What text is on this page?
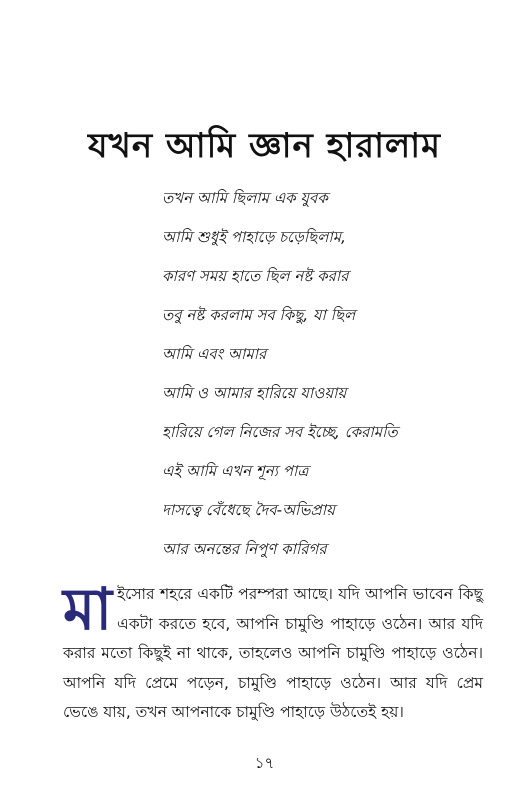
যখন আমি জ্ঞান হারালাম
তখন আমি ছিলাম এক যুবক
আমি শুধুই পাহাড়ে চড়েছিলাম,
কারণ সময় হাতে ছিল নষ্ট করার
তবু নষ্ট করলাম সব কিছু, যা ছিল
আমি এবং আমার
আমি ও আমার হারিয়ে যাওয়ায়
হারিয়ে গেল নিজের সব ইচ্ছে, কেরামতি
এই আমি এখন শূন্য পাত্র
দাসত্বে বেঁধেছে দৈব-অভিপ্রায়
আর অনন্তের নিপুণ কারিগর
মাইসোর শহরে একটি পরম্পরা আছে। যদি আপনি ভাবেন কিছু একটা করতে হবে, আপনি চামুণ্ডি পাহাড়ে ওঠেন। আর যদি করার মতো কিছুই না থাকে, তাহলেও আপনি চামুণ্ডি পাহাড়ে ওঠেন। আপনি যদি প্রেমে পড়েন, চামুণ্ডি পাহাড়ে ওঠেন। আর যদি প্রেম ভেঙে যায়, তখন আপনাকে চামুণ্ডি পাহাড়ে উঠতেই হয়।
১৭
